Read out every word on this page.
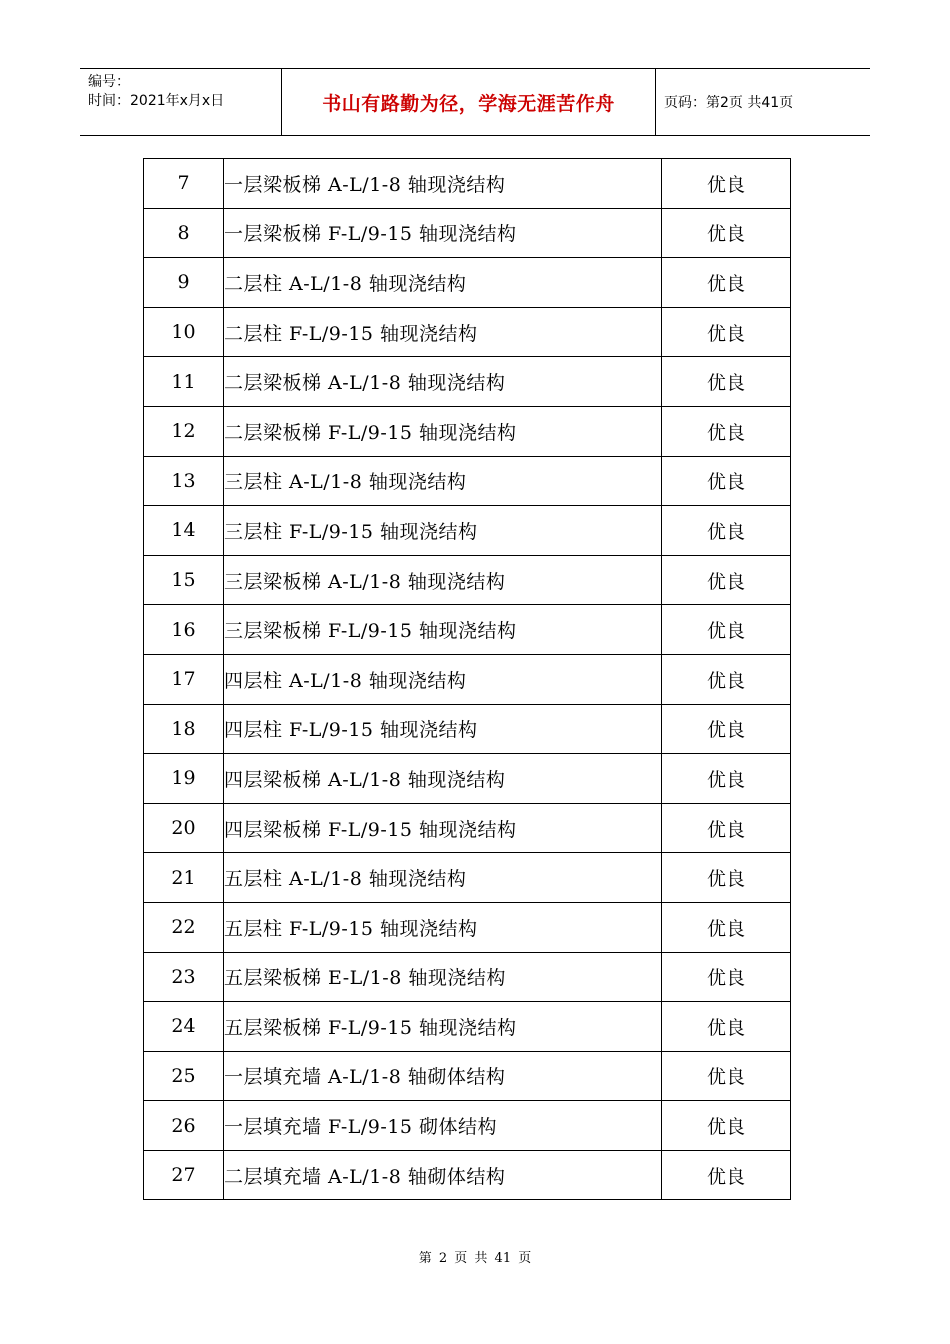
编号：
时间：2021年x月x日	书山有路勤为径，学海无涯苦作舟	页码：第2页 共41页
7	一层梁板梯 A-L/1-8 轴现浇结构	优良
8	一层梁板梯 F-L/9-15 轴现浇结构	优良
9	二层柱 A-L/1-8 轴现浇结构	优良
10	二层柱 F-L/9-15 轴现浇结构	优良
11	二层梁板梯 A-L/1-8 轴现浇结构	优良
12	二层梁板梯 F-L/9-15 轴现浇结构	优良
13	三层柱 A-L/1-8 轴现浇结构	优良
14	三层柱 F-L/9-15 轴现浇结构	优良
15	三层梁板梯 A-L/1-8 轴现浇结构	优良
16	三层梁板梯 F-L/9-15 轴现浇结构	优良
17	四层柱 A-L/1-8 轴现浇结构	优良
18	四层柱 F-L/9-15 轴现浇结构	优良
19	四层梁板梯 A-L/1-8 轴现浇结构	优良
20	四层梁板梯 F-L/9-15 轴现浇结构	优良
21	五层柱 A-L/1-8 轴现浇结构	优良
22	五层柱 F-L/9-15 轴现浇结构	优良
23	五层梁板梯 E-L/1-8 轴现浇结构	优良
24	五层梁板梯 F-L/9-15 轴现浇结构	优良
25	一层填充墙 A-L/1-8 轴砌体结构	优良
26	一层填充墙 F-L/9-15 砌体结构	优良
27	二层填充墙 A-L/1-8 轴砌体结构	优良
第 2 页 共 41 页
